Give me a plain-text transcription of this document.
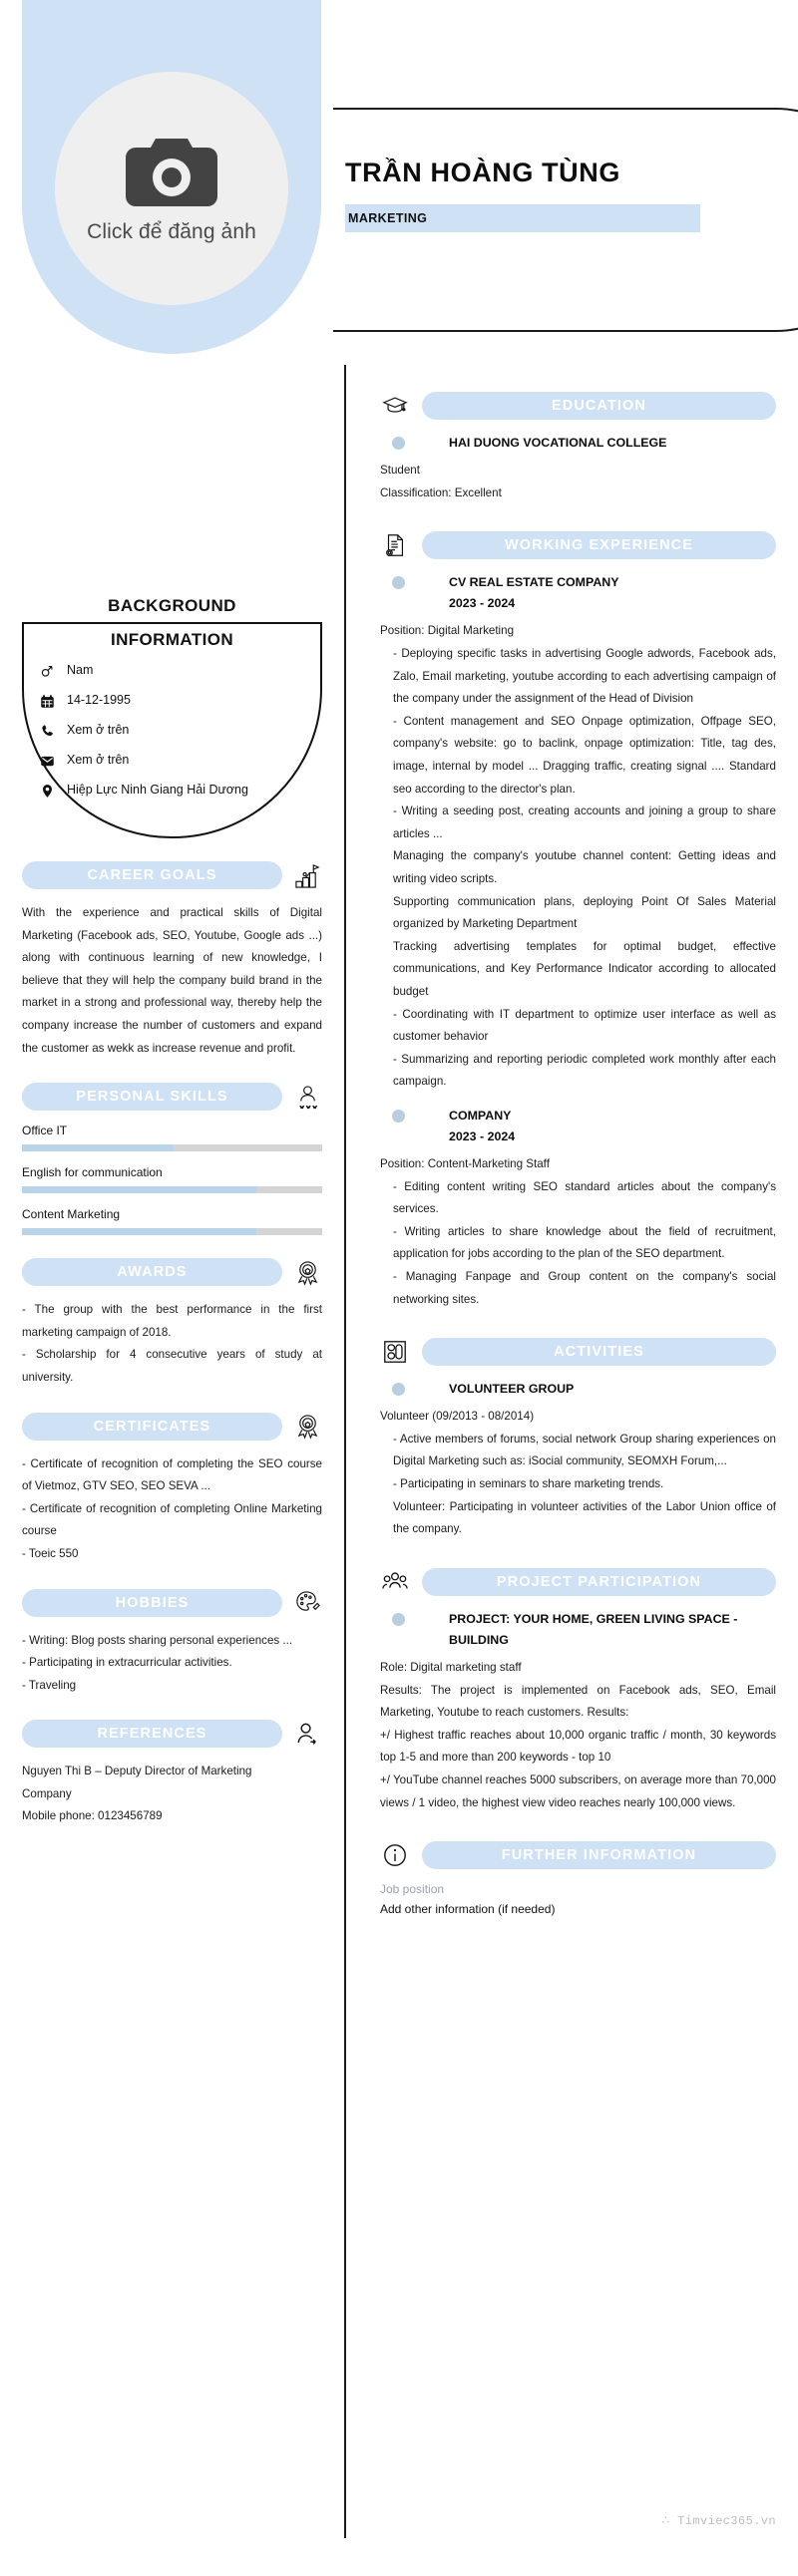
Click để đăng ảnh
TRẦN HOÀNG TÙNG
MARKETING
BACKGROUND
INFORMATION
Nam
14-12-1995
Xem ở trên
Xem ở trên
Hiệp Lực Ninh Giang Hải Dương
CAREER GOALS

With the experience and practical skills of Digital Marketing (Facebook ads, SEO, Youtube, Google ads ...) along with continuous learning of new knowledge, I believe that they will help the company build brand in the market in a strong and professional way, thereby help the company increase the number of customers and expand the customer as wekk as increase revenue and profit.

PERSONAL SKILLS
Office IT
English for communication
Content Marketing
AWARDS

- The group with the best performance in the first marketing campaign of 2018.

- Scholarship for 4 consecutive years of study at university.

CERTIFICATES

- Certificate of recognition of completing the SEO course of Vietmoz, GTV SEO, SEO SEVA ...

- Certificate of recognition of completing Online Marketing course

- Toeic 550

HOBBIES

- Writing: Blog posts sharing personal experiences ...

- Participating in extracurricular activities.

- Traveling

REFERENCES

Nguyen Thi B – Deputy Director of Marketing

Company

Mobile phone: 0123456789

EDUCATION
HAI DUONG VOCATIONAL COLLEGE
Student
Classification: Excellent
WORKING EXPERIENCE
CV REAL ESTATE COMPANY
2023 - 2024
Position: Digital Marketing

- Deploying specific tasks in advertising Google adwords, Facebook ads, Zalo, Email marketing, youtube according to each advertising campaign of the company under the assignment of the Head of Division

- Content management and SEO Onpage optimization, Offpage SEO, company's website: go to baclink, onpage optimization: Title, tag des, image, internal by model ... Dragging traffic, creating signal .... Standard seo according to the director's plan.

- Writing a seeding post, creating accounts and joining a group to share articles ...

Managing the company's youtube channel content: Getting ideas and writing video scripts.

Supporting communication plans, deploying Point Of Sales Material organized by Marketing Department

Tracking advertising templates for optimal budget, effective communications, and Key Performance Indicator according to allocated budget

- Coordinating with IT department to optimize user interface as well as customer behavior

- Summarizing and reporting periodic completed work monthly after each campaign.

COMPANY
2023 - 2024
Position: Content-Marketing Staff

- Editing content writing SEO standard articles about the company's services.

- Writing articles to share knowledge about the field of recruitment, application for jobs according to the plan of the SEO department.

- Managing Fanpage and Group content on the company's social networking sites.

ACTIVITIES
VOLUNTEER GROUP
Volunteer (09/2013 - 08/2014)

- Active members of forums, social network Group sharing experiences on Digital Marketing such as: iSocial community, SEOMXH Forum,...

- Participating in seminars to share marketing trends.

Volunteer: Participating in volunteer activities of the Labor Union office of the company.

PROJECT PARTICIPATION
PROJECT: YOUR HOME, GREEN LIVING SPACE - BUILDING
Role: Digital marketing staff

Results: The project is implemented on Facebook ads, SEO, Email Marketing, Youtube to reach customers. Results:

+/ Highest traffic reaches about 10,000 organic traffic / month, 30 keywords top 1-5 and more than 200 keywords - top 10

+/ YouTube channel reaches 5000 subscribers, on average more than 70,000 views / 1 video, the highest view video reaches nearly 100,000 views.

FURTHER INFORMATION
Job position
Add other information (if needed)
∴ Timviec365.vn
